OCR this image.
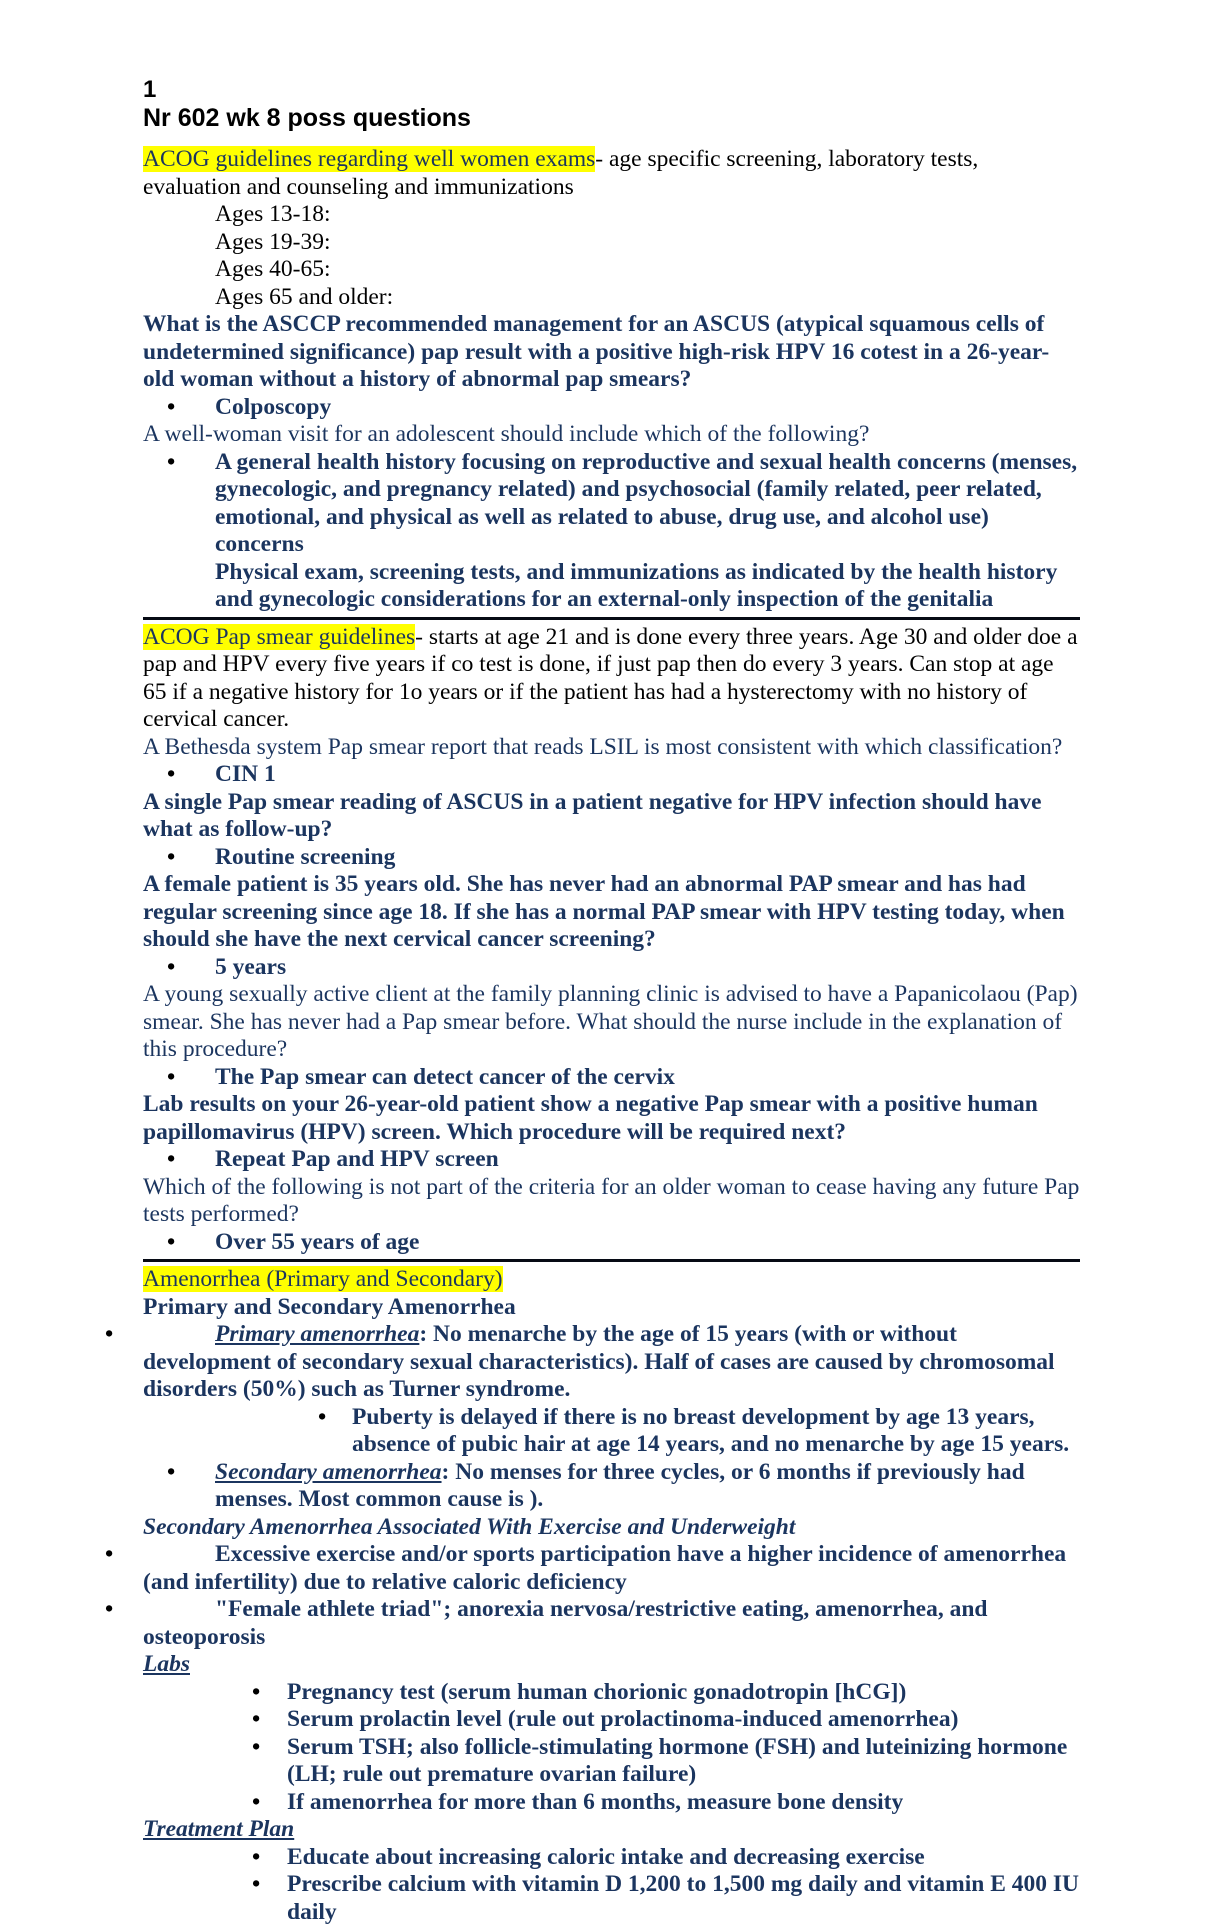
1
Nr 602 wk 8 poss questions

ACOG guidelines regarding well women exams- age specific screening, laboratory tests, evaluation and counseling and immunizations

Ages 13-18:

Ages 19-39:

Ages 40-65:

Ages 65 and older:

What is the ASCCP recommended management for an ASCUS (atypical squamous cells of undetermined significance) pap result with a positive high-risk HPV 16 cotest in a 26-year-old woman without a history of abnormal pap smears?

• Colposcopy

A well-woman visit for an adolescent should include which of the following?

• A general health history focusing on reproductive and sexual health concerns (menses, gynecologic, and pregnancy related) and psychosocial (family related, peer related, emotional, and physical as well as related to abuse, drug use, and alcohol use) concerns

Physical exam, screening tests, and immunizations as indicated by the health history and gynecologic considerations for an external-only inspection of the genitalia

ACOG Pap smear guidelines- starts at age 21 and is done every three years. Age 30 and older doe a pap and HPV every five years if co test is done, if just pap then do every 3 years. Can stop at age 65 if a negative history for 1o years or if the patient has had a hysterectomy with no history of cervical cancer.

A Bethesda system Pap smear report that reads LSIL is most consistent with which classification?

• CIN 1

A single Pap smear reading of ASCUS in a patient negative for HPV infection should have what as follow-up?

• Routine screening

A female patient is 35 years old. She has never had an abnormal PAP smear and has had regular screening since age 18. If she has a normal PAP smear with HPV testing today, when should she have the next cervical cancer screening?

• 5 years

A young sexually active client at the family planning clinic is advised to have a Papanicolaou (Pap) smear. She has never had a Pap smear before. What should the nurse include in the explanation of this procedure?

• The Pap smear can detect cancer of the cervix

Lab results on your 26-year-old patient show a negative Pap smear with a positive human papillomavirus (HPV) screen. Which procedure will be required next?

• Repeat Pap and HPV screen

Which of the following is not part of the criteria for an older woman to cease having any future Pap tests performed?

• Over 55 years of age

Amenorrhea (Primary and Secondary)

Primary and Secondary Amenorrhea

•	Primary amenorrhea: No menarche by the age of 15 years (with or without development of secondary sexual characteristics). Half of cases are caused by chromosomal disorders (50%) such as Turner syndrome.

• Puberty is delayed if there is no breast development by age 13 years, absence of pubic hair at age 14 years, and no menarche by age 15 years.

• Secondary amenorrhea: No menses for three cycles, or 6 months if previously had menses. Most common cause is ).

Secondary Amenorrhea Associated With Exercise and Underweight

•	Excessive exercise and/or sports participation have a higher incidence of amenorrhea (and infertility) due to relative caloric deficiency

•	"Female athlete triad"; anorexia nervosa/restrictive eating, amenorrhea, and osteoporosis

Labs

• Pregnancy test (serum human chorionic gonadotropin [hCG])

• Serum prolactin level (rule out prolactinoma-induced amenorrhea)

• Serum TSH; also follicle-stimulating hormone (FSH) and luteinizing hormone (LH; rule out premature ovarian failure)

• If amenorrhea for more than 6 months, measure bone density

Treatment Plan

• Educate about increasing caloric intake and decreasing exercise

• Prescribe calcium with vitamin D 1,200 to 1,500 mg daily and vitamin E 400 IU daily
